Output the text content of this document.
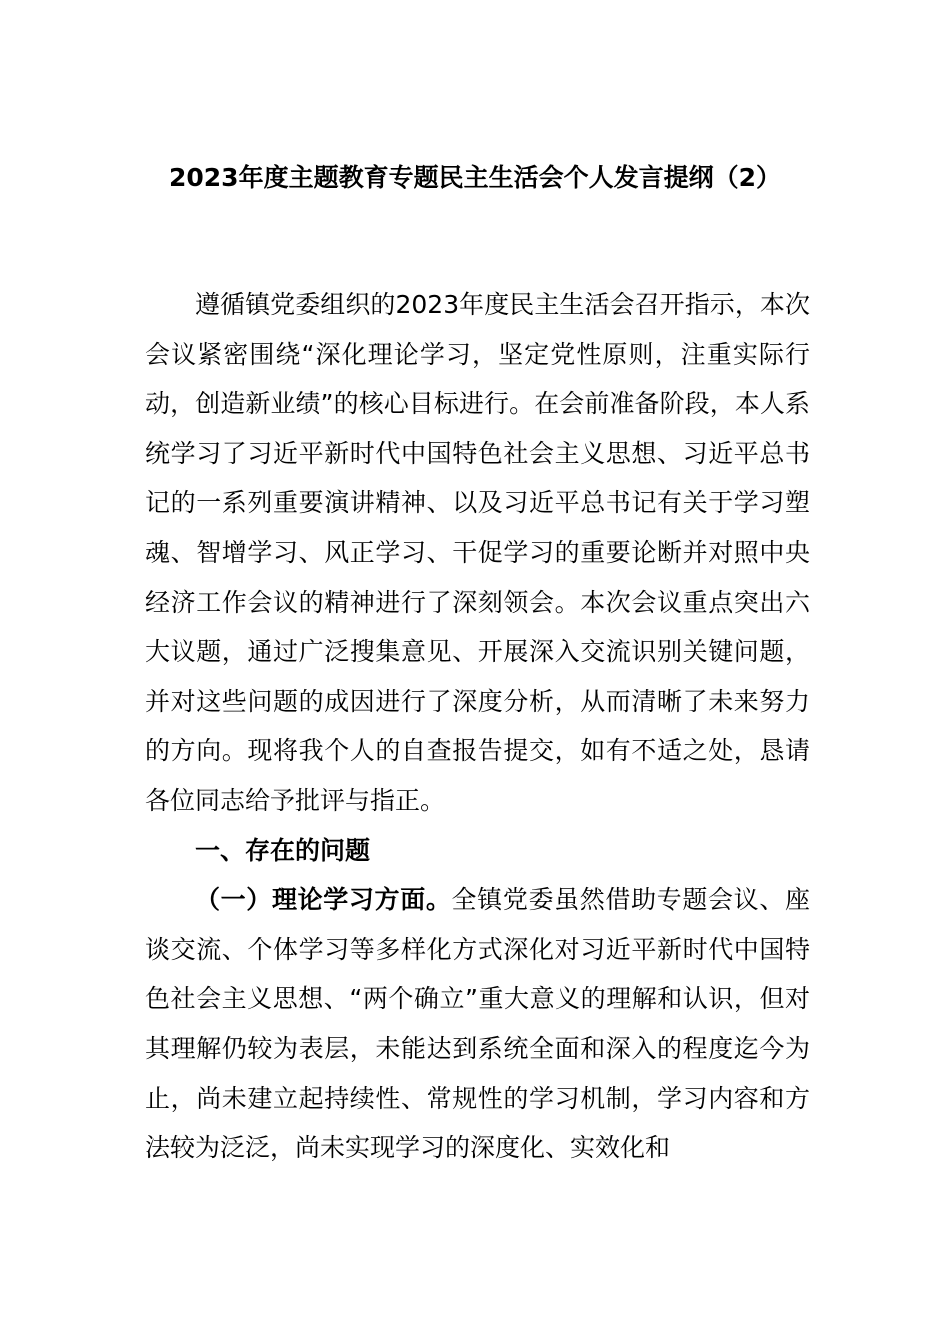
2023年度主题教育专题民主生活会个人发言提纲（2）

遵循镇党委组织的2023年度民主生活会召开指示，本次会议紧密围绕“深化理论学习，坚定党性原则，注重实际行动，创造新业绩”的核心目标进行。在会前准备阶段，本人系统学习了习近平新时代中国特色社会主义思想、习近平总书记的一系列重要演讲精神、以及习近平总书记有关于学习塑魂、智增学习、风正学习、干促学习的重要论断并对照中央经济工作会议的精神进行了深刻领会。本次会议重点突出六大议题，通过广泛搜集意见、开展深入交流识别关键问题，并对这些问题的成因进行了深度分析，从而清晰了未来努力的方向。现将我个人的自查报告提交，如有不适之处，恳请各位同志给予批评与指正。

一、存在的问题

（一）理论学习方面。全镇党委虽然借助专题会议、座谈交流、个体学习等多样化方式深化对习近平新时代中国特色社会主义思想、“两个确立”重大意义的理解和认识，但对其理解仍较为表层，未能达到系统全面和深入的程度迄今为止，尚未建立起持续性、常规性的学习机制，学习内容和方法较为泛泛，尚未实现学习的深度化、实效化和
